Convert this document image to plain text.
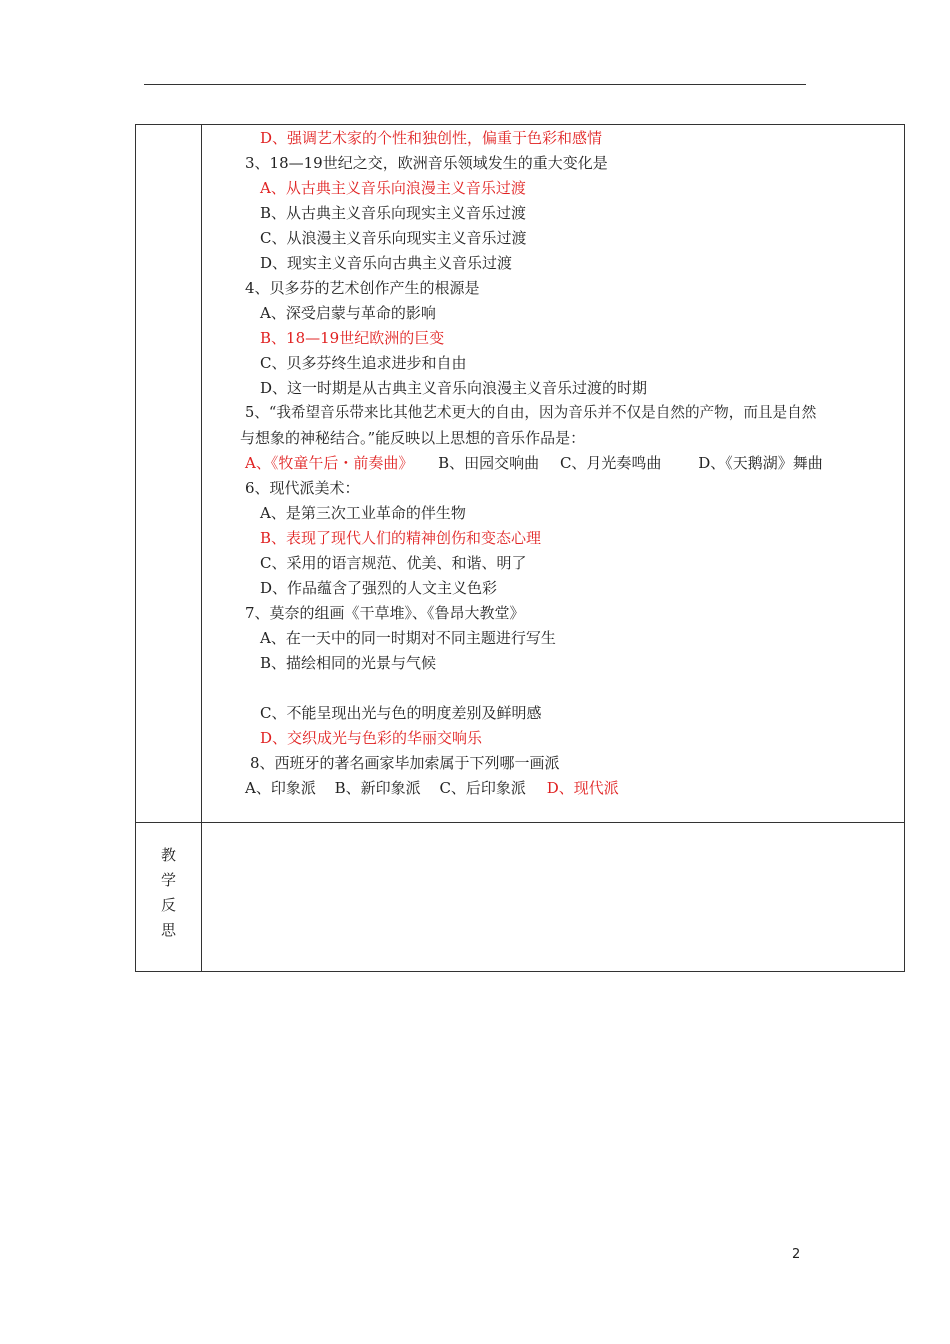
教
学
反
思
D、强调艺术家的个性和独创性，偏重于色彩和感情
3、18—19世纪之交，欧洲音乐领域发生的重大变化是
A、从古典主义音乐向浪漫主义音乐过渡
B、从古典主义音乐向现实主义音乐过渡
C、从浪漫主义音乐向现实主义音乐过渡
D、现实主义音乐向古典主义音乐过渡
4、贝多芬的艺术创作产生的根源是
A、深受启蒙与革命的影响
B、18—19世纪欧洲的巨变
C、贝多芬终生追求进步和自由
D、这一时期是从古典主义音乐向浪漫主义音乐过渡的时期
5、“我希望音乐带来比其他艺术更大的自由，因为音乐并不仅是自然的产物，而且是自然
与想象的神秘结合。”能反映以上思想的音乐作品是：
A、《牧童午后・前奏曲》 B、田园交响曲 C、月光奏鸣曲 D、《天鹅湖》舞曲
6、现代派美术：
A、是第三次工业革命的伴生物
B、表现了现代人们的精神创伤和变态心理
C、采用的语言规范、优美、和谐、明了
D、作品蕴含了强烈的人文主义色彩
7、莫奈的组画《干草堆》、《鲁昂大教堂》
A、在一天中的同一时期对不同主题进行写生
B、描绘相同的光景与气候
C、不能呈现出光与色的明度差别及鲜明感
D、交织成光与色彩的华丽交响乐
8、西班牙的著名画家毕加索属于下列哪一画派
A、印象派 B、新印象派 C、后印象派 D、现代派
2
